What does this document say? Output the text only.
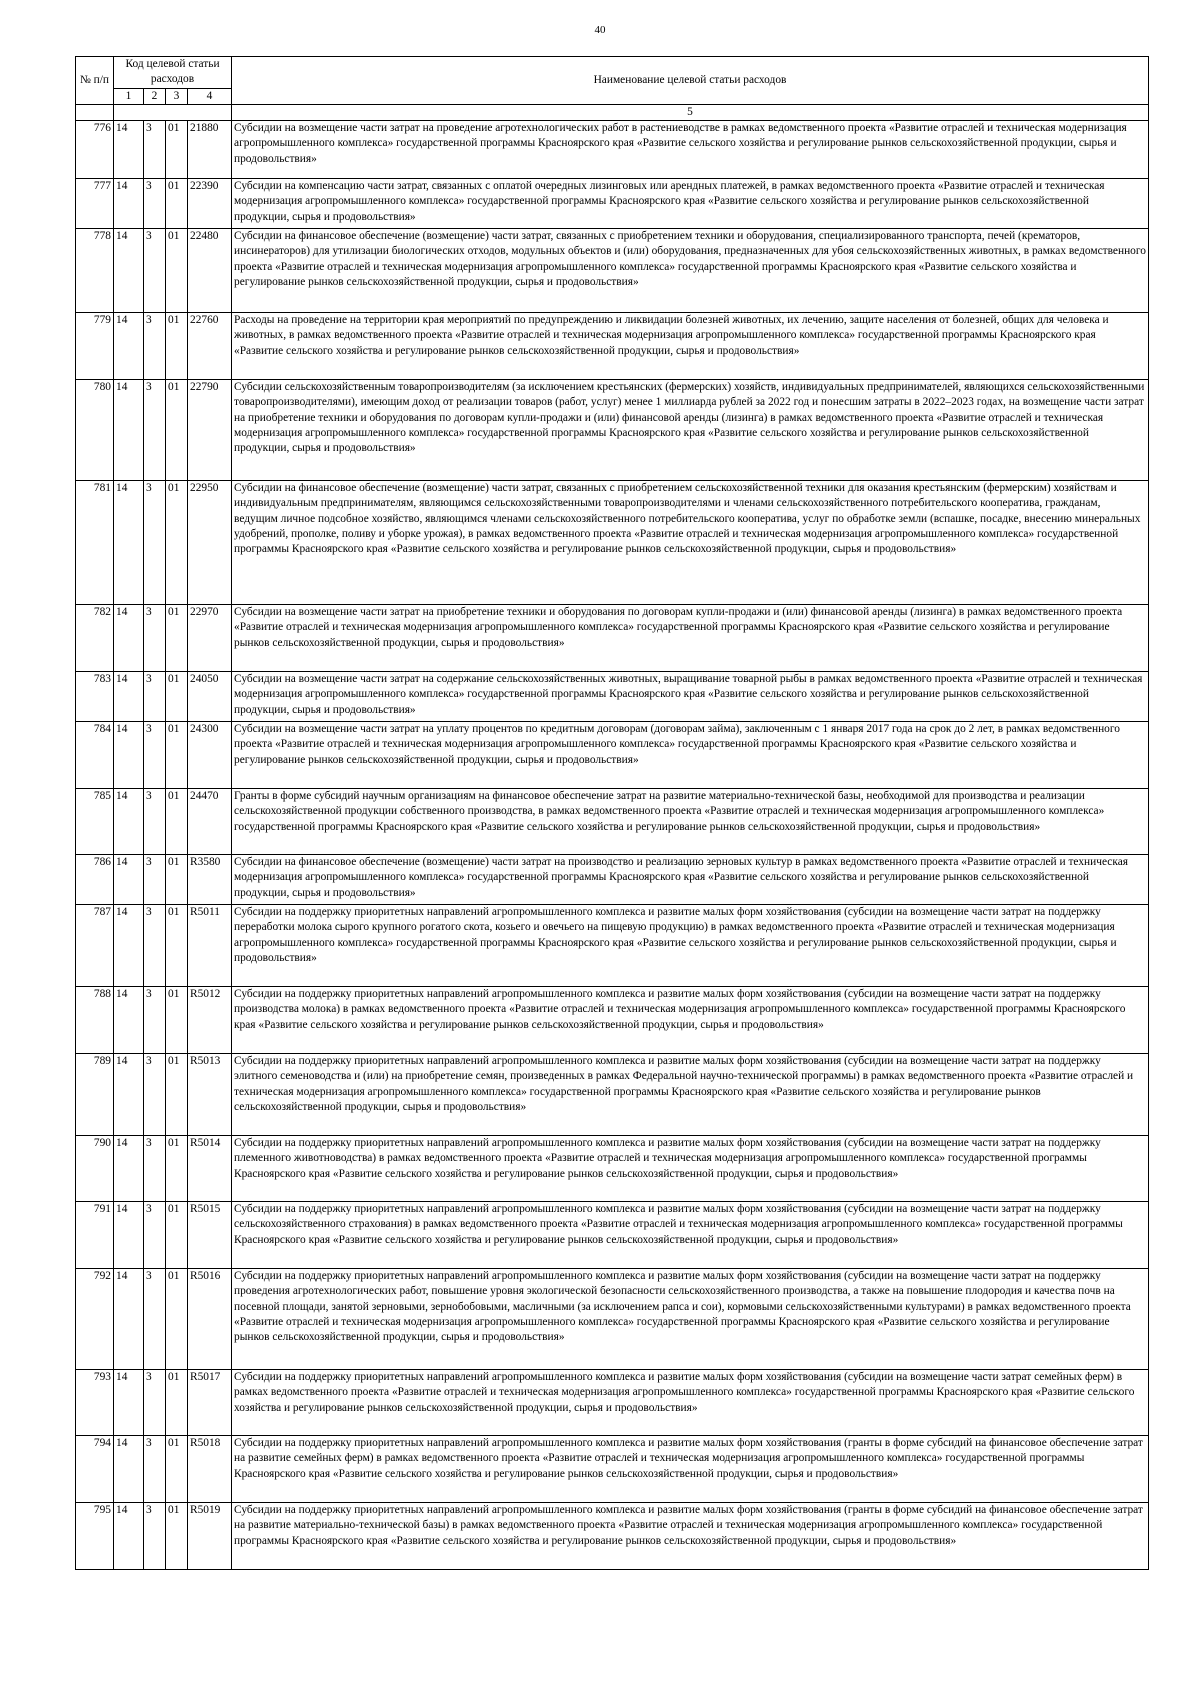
40
№ п/п	Код целевой статьи расходов				Наименование целевой статьи расходов
	1	2	3	4	
					5
776	14	3	01	21880	Субсидии на возмещение части затрат на проведение агротехнологических работ в растениеводстве в рамках ведомственного проекта «Развитие отраслей и техническая модернизация агропромышленного комплекса» государственной программы Красноярского края «Развитие сельского хозяйства и регулирование рынков сельскохозяйственной продукции, сырья и продовольствия»
777	14	3	01	22390	Субсидии на компенсацию части затрат, связанных с оплатой очередных лизинговых или арендных платежей, в рамках ведомственного проекта «Развитие отраслей и техническая модернизация агропромышленного комплекса» государственной программы Красноярского края «Развитие сельского хозяйства и регулирование рынков сельскохозяйственной продукции, сырья и продовольствия»
778	14	3	01	22480	Субсидии на финансовое обеспечение (возмещение) части затрат, связанных с приобретением техники и оборудования, специализированного транспорта, печей (крематоров, инсинераторов) для утилизации биологических отходов, модульных объектов и (или) оборудования, предназначенных для убоя сельскохозяйственных животных, в рамках ведомственного проекта «Развитие отраслей и техническая модернизация агропромышленного комплекса» государственной программы Красноярского края «Развитие сельского хозяйства и регулирование рынков сельскохозяйственной продукции, сырья и продовольствия»
779	14	3	01	22760	Расходы на проведение на территории края мероприятий по предупреждению и ликвидации болезней животных, их лечению, защите населения от болезней, общих для человека и животных, в рамках ведомственного проекта «Развитие отраслей и техническая модернизация агропромышленного комплекса» государственной программы Красноярского края «Развитие сельского хозяйства и регулирование рынков сельскохозяйственной продукции, сырья и продовольствия»
780	14	3	01	22790	Субсидии сельскохозяйственным товаропроизводителям (за исключением крестьянских (фермерских) хозяйств, индивидуальных предпринимателей, являющихся сельскохозяйственными товаропроизводителями), имеющим доход от реализации товаров (работ, услуг) менее 1 миллиарда рублей за 2022 год и понесшим затраты в 2022–2023 годах, на возмещение части затрат на приобретение техники и оборудования по договорам купли-продажи и (или) финансовой аренды (лизинга) в рамках ведомственного проекта «Развитие отраслей и техническая модернизация агропромышленного комплекса» государственной программы Красноярского края «Развитие сельского хозяйства и регулирование рынков сельскохозяйственной продукции, сырья и продовольствия»
781	14	3	01	22950	Субсидии на финансовое обеспечение (возмещение) части затрат, связанных с приобретением сельскохозяйственной техники для оказания крестьянским (фермерским) хозяйствам и индивидуальным предпринимателям, являющимся сельскохозяйственными товаропроизводителями и членами сельскохозяйственного потребительского кооператива, гражданам, ведущим личное подсобное хозяйство, являющимся членами сельскохозяйственного потребительского кооператива, услуг по обработке земли (вспашке, посадке, внесению минеральных удобрений, прополке, поливу и уборке урожая), в рамках ведомственного проекта «Развитие отраслей и техническая модернизация агропромышленного комплекса» государственной программы Красноярского края «Развитие сельского хозяйства и регулирование рынков сельскохозяйственной продукции, сырья и продовольствия»
782	14	3	01	22970	Субсидии на возмещение части затрат на приобретение техники и оборудования по договорам купли-продажи и (или) финансовой аренды (лизинга) в рамках ведомственного проекта «Развитие отраслей и техническая модернизация агропромышленного комплекса» государственной программы Красноярского края «Развитие сельского хозяйства и регулирование рынков сельскохозяйственной продукции, сырья и продовольствия»
783	14	3	01	24050	Субсидии на возмещение части затрат на содержание сельскохозяйственных животных, выращивание товарной рыбы в рамках ведомственного проекта «Развитие отраслей и техническая модернизация агропромышленного комплекса» государственной программы Красноярского края «Развитие сельского хозяйства и регулирование рынков сельскохозяйственной продукции, сырья и продовольствия»
784	14	3	01	24300	Субсидии на возмещение части затрат на уплату процентов по кредитным договорам (договорам займа), заключенным с 1 января 2017 года на срок до 2 лет, в рамках ведомственного проекта «Развитие отраслей и техническая модернизация агропромышленного комплекса» государственной программы Красноярского края «Развитие сельского хозяйства и регулирование рынков сельскохозяйственной продукции, сырья и продовольствия»
785	14	3	01	24470	Гранты в форме субсидий научным организациям на финансовое обеспечение затрат на развитие материально-технической базы, необходимой для производства и реализации сельскохозяйственной продукции собственного производства, в рамках ведомственного проекта «Развитие отраслей и техническая модернизация агропромышленного комплекса» государственной программы Красноярского края «Развитие сельского хозяйства и регулирование рынков сельскохозяйственной продукции, сырья и продовольствия»
786	14	3	01	R3580	Субсидии на финансовое обеспечение (возмещение) части затрат на производство и реализацию зерновых культур в рамках ведомственного проекта «Развитие отраслей и техническая модернизация агропромышленного комплекса» государственной программы Красноярского края «Развитие сельского хозяйства и регулирование рынков сельскохозяйственной продукции, сырья и продовольствия»
787	14	3	01	R5011	Субсидии на поддержку приоритетных направлений агропромышленного комплекса и развитие малых форм хозяйствования (субсидии на возмещение части затрат на поддержку переработки молока сырого крупного рогатого скота, козьего и овечьего на пищевую продукцию) в рамках ведомственного проекта «Развитие отраслей и техническая модернизация агропромышленного комплекса» государственной программы Красноярского края «Развитие сельского хозяйства и регулирование рынков сельскохозяйственной продукции, сырья и продовольствия»
788	14	3	01	R5012	Субсидии на поддержку приоритетных направлений агропромышленного комплекса и развитие малых форм хозяйствования (субсидии на возмещение части затрат на поддержку производства молока) в рамках ведомственного проекта «Развитие отраслей и техническая модернизация агропромышленного комплекса» государственной программы Красноярского края «Развитие сельского хозяйства и регулирование рынков сельскохозяйственной продукции, сырья и продовольствия»
789	14	3	01	R5013	Субсидии на поддержку приоритетных направлений агропромышленного комплекса и развитие малых форм хозяйствования (субсидии на возмещение части затрат на поддержку элитного семеноводства и (или) на приобретение семян, произведенных в рамках Федеральной научно-технической программы) в рамках ведомственного проекта «Развитие отраслей и техническая модернизация агропромышленного комплекса» государственной программы Красноярского края «Развитие сельского хозяйства и регулирование рынков сельскохозяйственной продукции, сырья и продовольствия»
790	14	3	01	R5014	Субсидии на поддержку приоритетных направлений агропромышленного комплекса и развитие малых форм хозяйствования (субсидии на возмещение части затрат на поддержку племенного животноводства) в рамках ведомственного проекта «Развитие отраслей и техническая модернизация агропромышленного комплекса» государственной программы Красноярского края «Развитие сельского хозяйства и регулирование рынков сельскохозяйственной продукции, сырья и продовольствия»
791	14	3	01	R5015	Субсидии на поддержку приоритетных направлений агропромышленного комплекса и развитие малых форм хозяйствования (субсидии на возмещение части затрат на поддержку сельскохозяйственного страхования) в рамках ведомственного проекта «Развитие отраслей и техническая модернизация агропромышленного комплекса» государственной программы Красноярского края «Развитие сельского хозяйства и регулирование рынков сельскохозяйственной продукции, сырья и продовольствия»
792	14	3	01	R5016	Субсидии на поддержку приоритетных направлений агропромышленного комплекса и развитие малых форм хозяйствования (субсидии на возмещение части затрат на поддержку проведения агротехнологических работ, повышение уровня экологической безопасности сельскохозяйственного производства, а также на повышение плодородия и качества почв на посевной площади, занятой зерновыми, зернобобовыми, масличными (за исключением рапса и сои), кормовыми сельскохозяйственными культурами) в рамках ведомственного проекта «Развитие отраслей и техническая модернизация агропромышленного комплекса» государственной программы Красноярского края «Развитие сельского хозяйства и регулирование рынков сельскохозяйственной продукции, сырья и продовольствия»
793	14	3	01	R5017	Субсидии на поддержку приоритетных направлений агропромышленного комплекса и развитие малых форм хозяйствования (субсидии на возмещение части затрат семейных ферм) в рамках ведомственного проекта «Развитие отраслей и техническая модернизация агропромышленного комплекса» государственной программы Красноярского края «Развитие сельского хозяйства и регулирование рынков сельскохозяйственной продукции, сырья и продовольствия»
794	14	3	01	R5018	Субсидии на поддержку приоритетных направлений агропромышленного комплекса и развитие малых форм хозяйствования (гранты в форме субсидий на финансовое обеспечение затрат на развитие семейных ферм) в рамках ведомственного проекта «Развитие отраслей и техническая модернизация агропромышленного комплекса» государственной программы Красноярского края «Развитие сельского хозяйства и регулирование рынков сельскохозяйственной продукции, сырья и продовольствия»
795	14	3	01	R5019	Субсидии на поддержку приоритетных направлений агропромышленного комплекса и развитие малых форм хозяйствования (гранты в форме субсидий на финансовое обеспечение затрат на развитие материально-технической базы) в рамках ведомственного проекта «Развитие отраслей и техническая модернизация агропромышленного комплекса» государственной программы Красноярского края «Развитие сельского хозяйства и регулирование рынков сельскохозяйственной продукции, сырья и продовольствия»
